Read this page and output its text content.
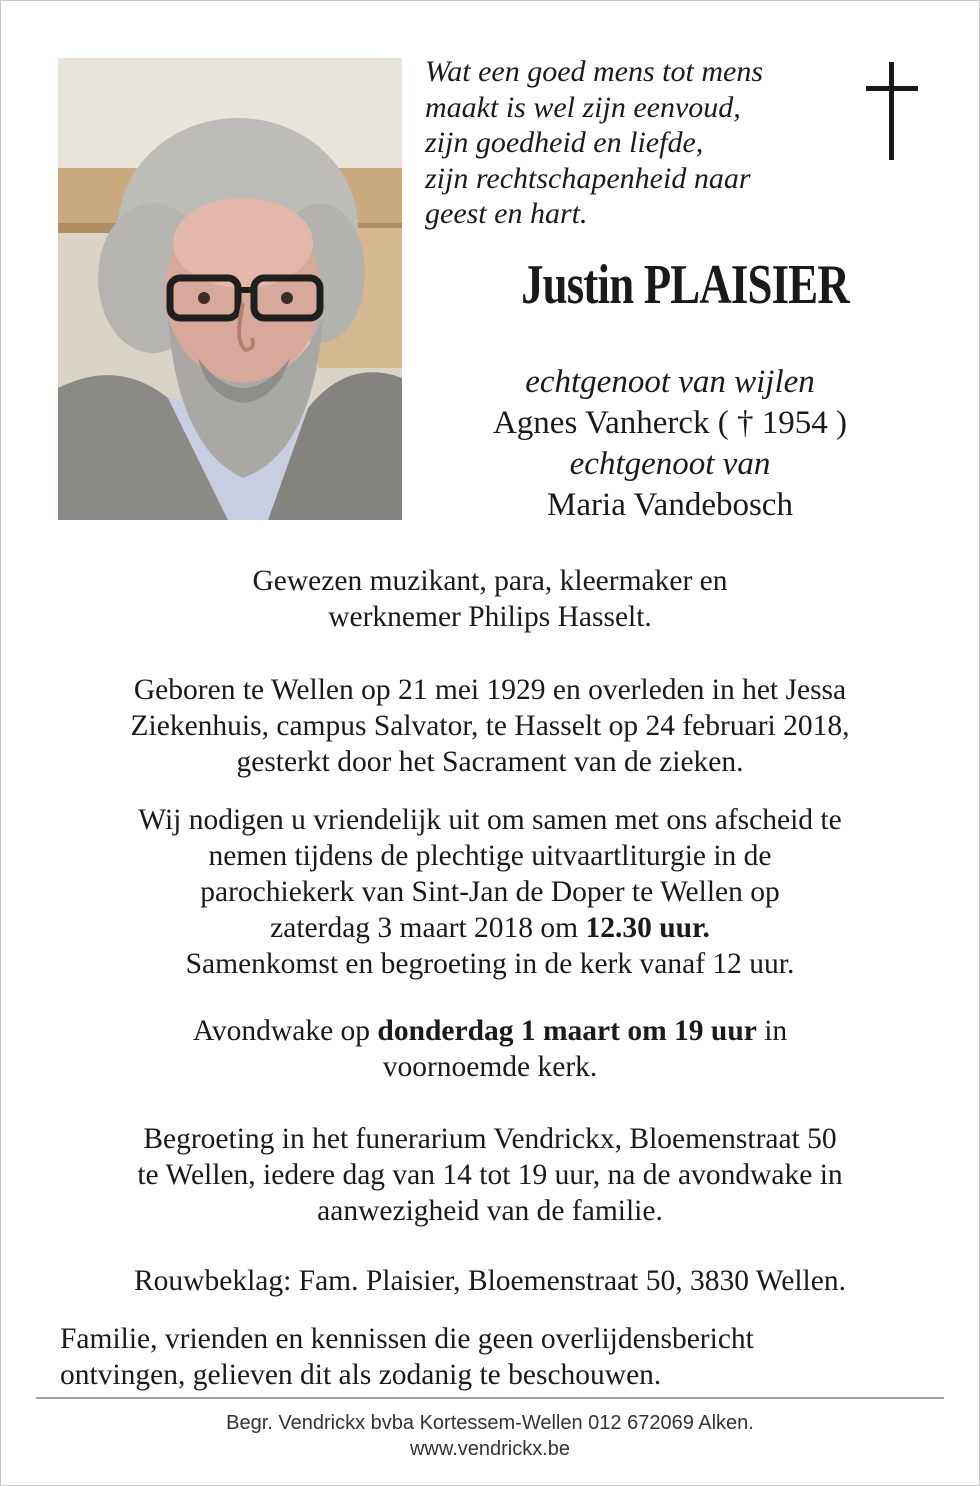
Wat een goed mens tot mens
maakt is wel zijn eenvoud,
zijn goedheid en liefde,
zijn rechtschapenheid naar
geest en hart.
Justin PLAISIER
echtgenoot van wijlen
Agnes Vanherck ( † 1954 )
echtgenoot van
Maria Vandebosch
Gewezen muzikant, para, kleermaker en
werknemer Philips Hasselt.
Geboren te Wellen op 21 mei 1929 en overleden in het Jessa
Ziekenhuis, campus Salvator, te Hasselt op 24 februari 2018,
gesterkt door het Sacrament van de zieken.
Wij nodigen u vriendelijk uit om samen met ons afscheid te
nemen tijdens de plechtige uitvaartliturgie in de
parochiekerk van Sint-Jan de Doper te Wellen op
zaterdag 3 maart 2018 om 12.30 uur.
Samenkomst en begroeting in de kerk vanaf 12 uur.
Avondwake op donderdag 1 maart om 19 uur in
voornoemde kerk.
Begroeting in het funerarium Vendrickx, Bloemenstraat 50
te Wellen, iedere dag van 14 tot 19 uur, na de avondwake in
aanwezigheid van de familie.
Rouwbeklag: Fam. Plaisier, Bloemenstraat 50, 3830 Wellen.
Familie, vrienden en kennissen die geen overlijdensbericht
ontvingen, gelieven dit als zodanig te beschouwen.
Begr. Vendrickx bvba Kortessem-Wellen 012 672069 Alken.
www.vendrickx.be
